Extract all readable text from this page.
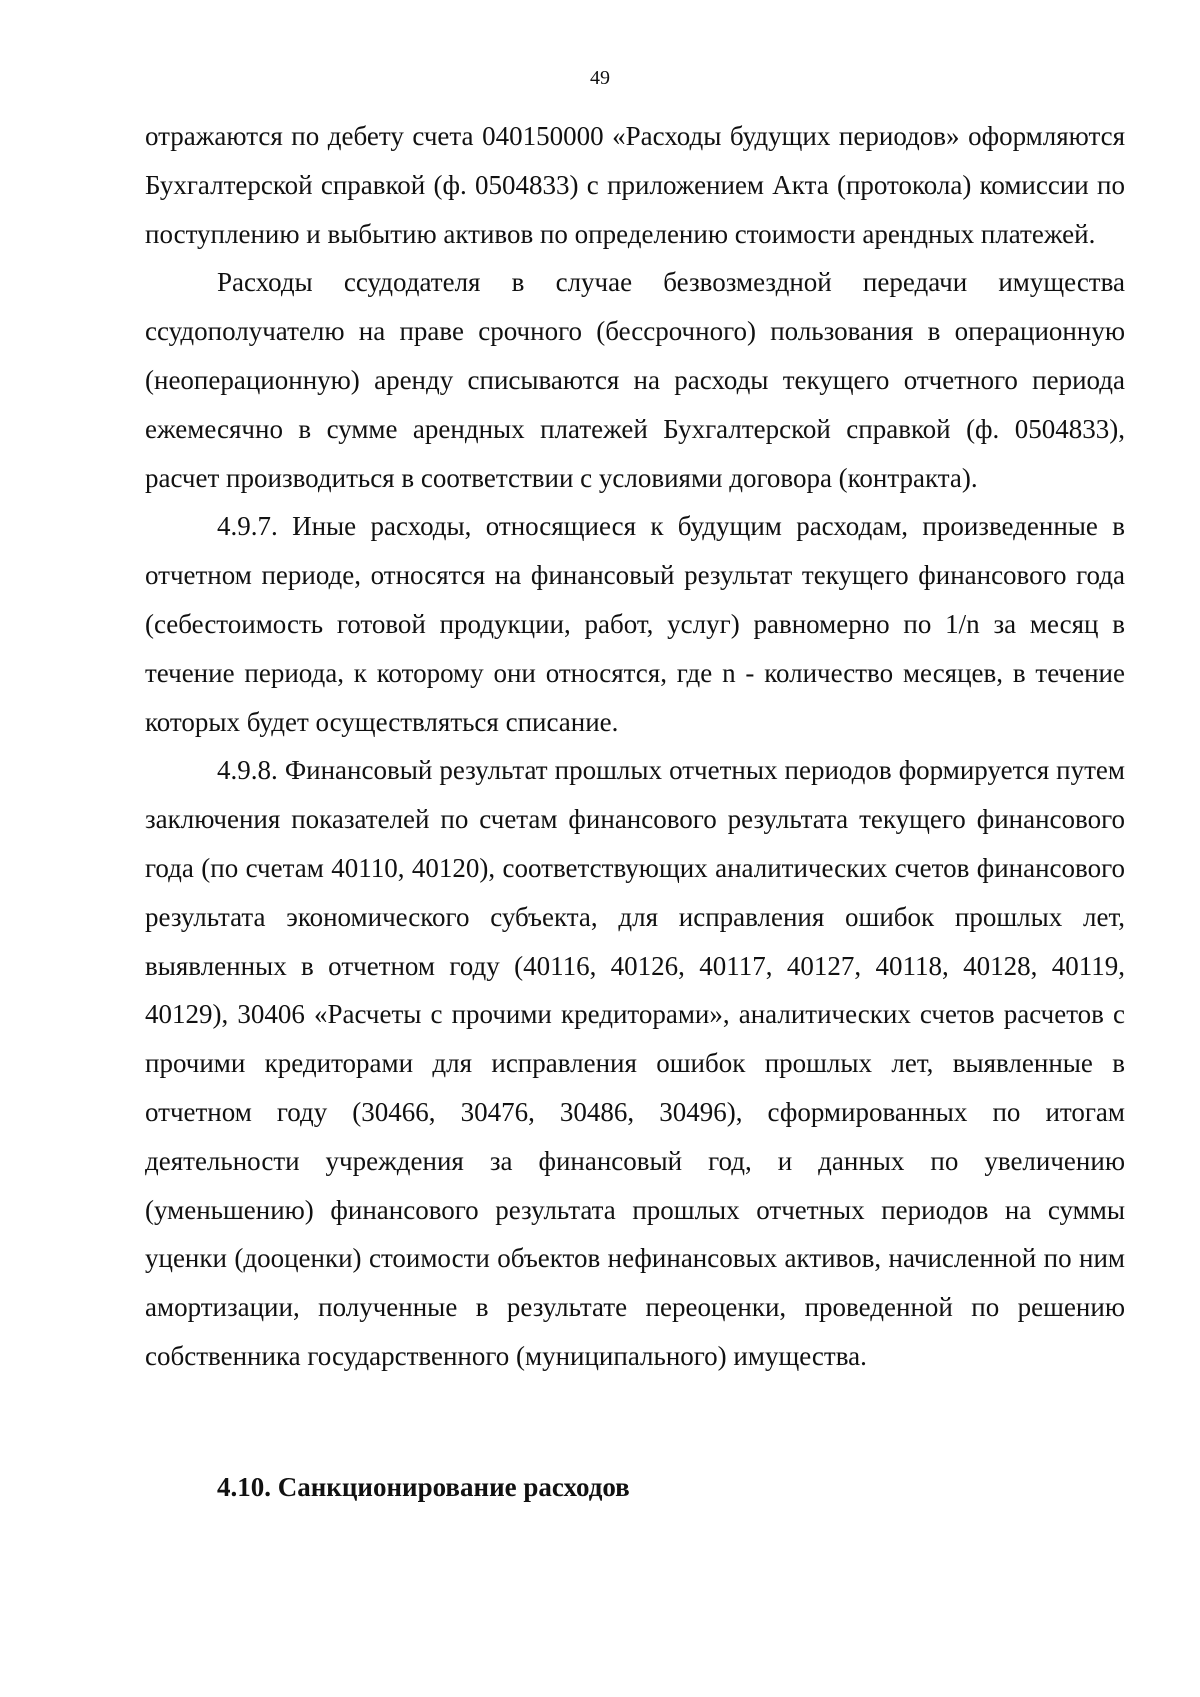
49

отражаются по дебету счета 040150000 «Расходы будущих периодов» оформляются Бухгалтерской справкой (ф. 0504833) с приложением Акта (протокола) комиссии по поступлению и выбытию активов по определению стоимости арендных платежей.

Расходы ссудодателя в случае безвозмездной передачи имущества ссудополучателю на праве срочного (бессрочного) пользования в операционную (неоперационную) аренду списываются на расходы текущего отчетного периода ежемесячно в сумме арендных платежей Бухгалтерской справкой (ф. 0504833), расчет производиться в соответствии с условиями договора (контракта).

4.9.7. Иные расходы, относящиеся к будущим расходам, произведенные в отчетном периоде, относятся на финансовый результат текущего финансового года (себестоимость готовой продукции, работ, услуг) равномерно по 1/n за месяц в течение периода, к которому они относятся, где n - количество месяцев, в течение которых будет осуществляться списание.

4.9.8. Финансовый результат прошлых отчетных периодов формируется путем заключения показателей по счетам финансового результата текущего финансового года (по счетам 40110, 40120), соответствующих аналитических счетов финансового результата экономического субъекта, для исправления ошибок прошлых лет, выявленных в отчетном году (40116, 40126, 40117, 40127, 40118, 40128, 40119, 40129), 30406 «Расчеты с прочими кредиторами», аналитических счетов расчетов с прочими кредиторами для исправления ошибок прошлых лет, выявленные в отчетном году (30466, 30476, 30486, 30496), сформированных по итогам деятельности учреждения за финансовый год, и данных по увеличению (уменьшению) финансового результата прошлых отчетных периодов на суммы уценки (дооценки) стоимости объектов нефинансовых активов, начисленной по ним амортизации, полученные в результате переоценки, проведенной по решению собственника государственного (муниципального) имущества.

4.10. Санкционирование расходов
